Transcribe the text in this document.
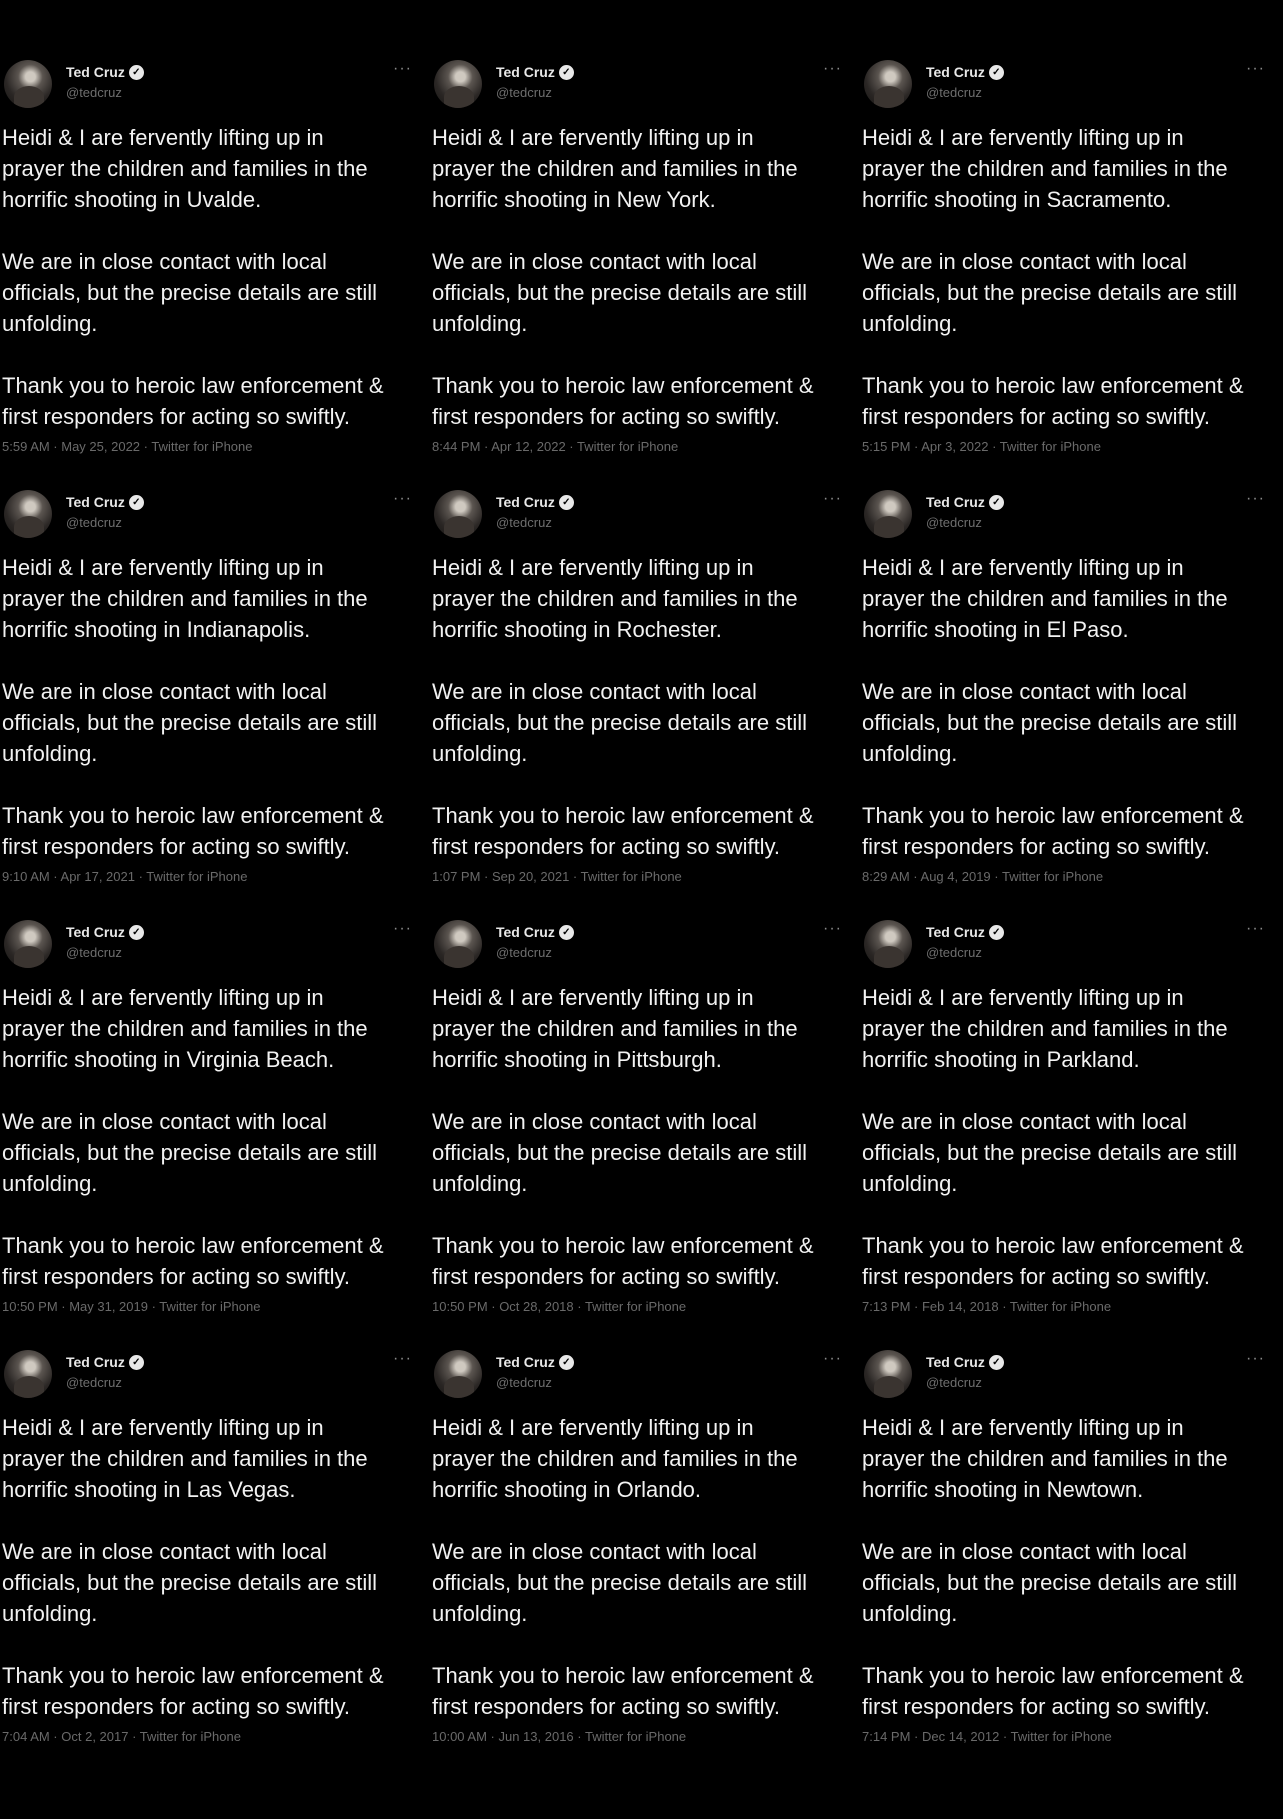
Ted Cruz ✓
@tedcruz
···

Heidi & I are fervently lifting up in
prayer the children and families in the
horrific shooting in Uvalde.

We are in close contact with local
officials, but the precise details are still
unfolding.

Thank you to heroic law enforcement &
first responders for acting so swiftly.

5:59 AM · May 25, 2022 · Twitter for iPhone
Ted Cruz ✓
@tedcruz
···

Heidi & I are fervently lifting up in
prayer the children and families in the
horrific shooting in New York.

We are in close contact with local
officials, but the precise details are still
unfolding.

Thank you to heroic law enforcement &
first responders for acting so swiftly.

8:44 PM · Apr 12, 2022 · Twitter for iPhone
Ted Cruz ✓
@tedcruz
···

Heidi & I are fervently lifting up in
prayer the children and families in the
horrific shooting in Sacramento.

We are in close contact with local
officials, but the precise details are still
unfolding.

Thank you to heroic law enforcement &
first responders for acting so swiftly.

5:15 PM · Apr 3, 2022 · Twitter for iPhone
Ted Cruz ✓
@tedcruz
···

Heidi & I are fervently lifting up in
prayer the children and families in the
horrific shooting in Indianapolis.

We are in close contact with local
officials, but the precise details are still
unfolding.

Thank you to heroic law enforcement &
first responders for acting so swiftly.

9:10 AM · Apr 17, 2021 · Twitter for iPhone
Ted Cruz ✓
@tedcruz
···

Heidi & I are fervently lifting up in
prayer the children and families in the
horrific shooting in Rochester.

We are in close contact with local
officials, but the precise details are still
unfolding.

Thank you to heroic law enforcement &
first responders for acting so swiftly.

1:07 PM · Sep 20, 2021 · Twitter for iPhone
Ted Cruz ✓
@tedcruz
···

Heidi & I are fervently lifting up in
prayer the children and families in the
horrific shooting in El Paso.

We are in close contact with local
officials, but the precise details are still
unfolding.

Thank you to heroic law enforcement &
first responders for acting so swiftly.

8:29 AM · Aug 4, 2019 · Twitter for iPhone
Ted Cruz ✓
@tedcruz
···

Heidi & I are fervently lifting up in
prayer the children and families in the
horrific shooting in Virginia Beach.

We are in close contact with local
officials, but the precise details are still
unfolding.

Thank you to heroic law enforcement &
first responders for acting so swiftly.

10:50 PM · May 31, 2019 · Twitter for iPhone
Ted Cruz ✓
@tedcruz
···

Heidi & I are fervently lifting up in
prayer the children and families in the
horrific shooting in Pittsburgh.

We are in close contact with local
officials, but the precise details are still
unfolding.

Thank you to heroic law enforcement &
first responders for acting so swiftly.

10:50 PM · Oct 28, 2018 · Twitter for iPhone
Ted Cruz ✓
@tedcruz
···

Heidi & I are fervently lifting up in
prayer the children and families in the
horrific shooting in Parkland.

We are in close contact with local
officials, but the precise details are still
unfolding.

Thank you to heroic law enforcement &
first responders for acting so swiftly.

7:13 PM · Feb 14, 2018 · Twitter for iPhone
Ted Cruz ✓
@tedcruz
···

Heidi & I are fervently lifting up in
prayer the children and families in the
horrific shooting in Las Vegas.

We are in close contact with local
officials, but the precise details are still
unfolding.

Thank you to heroic law enforcement &
first responders for acting so swiftly.

7:04 AM · Oct 2, 2017 · Twitter for iPhone
Ted Cruz ✓
@tedcruz
···

Heidi & I are fervently lifting up in
prayer the children and families in the
horrific shooting in Orlando.

We are in close contact with local
officials, but the precise details are still
unfolding.

Thank you to heroic law enforcement &
first responders for acting so swiftly.

10:00 AM · Jun 13, 2016 · Twitter for iPhone
Ted Cruz ✓
@tedcruz
···

Heidi & I are fervently lifting up in
prayer the children and families in the
horrific shooting in Newtown.

We are in close contact with local
officials, but the precise details are still
unfolding.

Thank you to heroic law enforcement &
first responders for acting so swiftly.

7:14 PM · Dec 14, 2012 · Twitter for iPhone
